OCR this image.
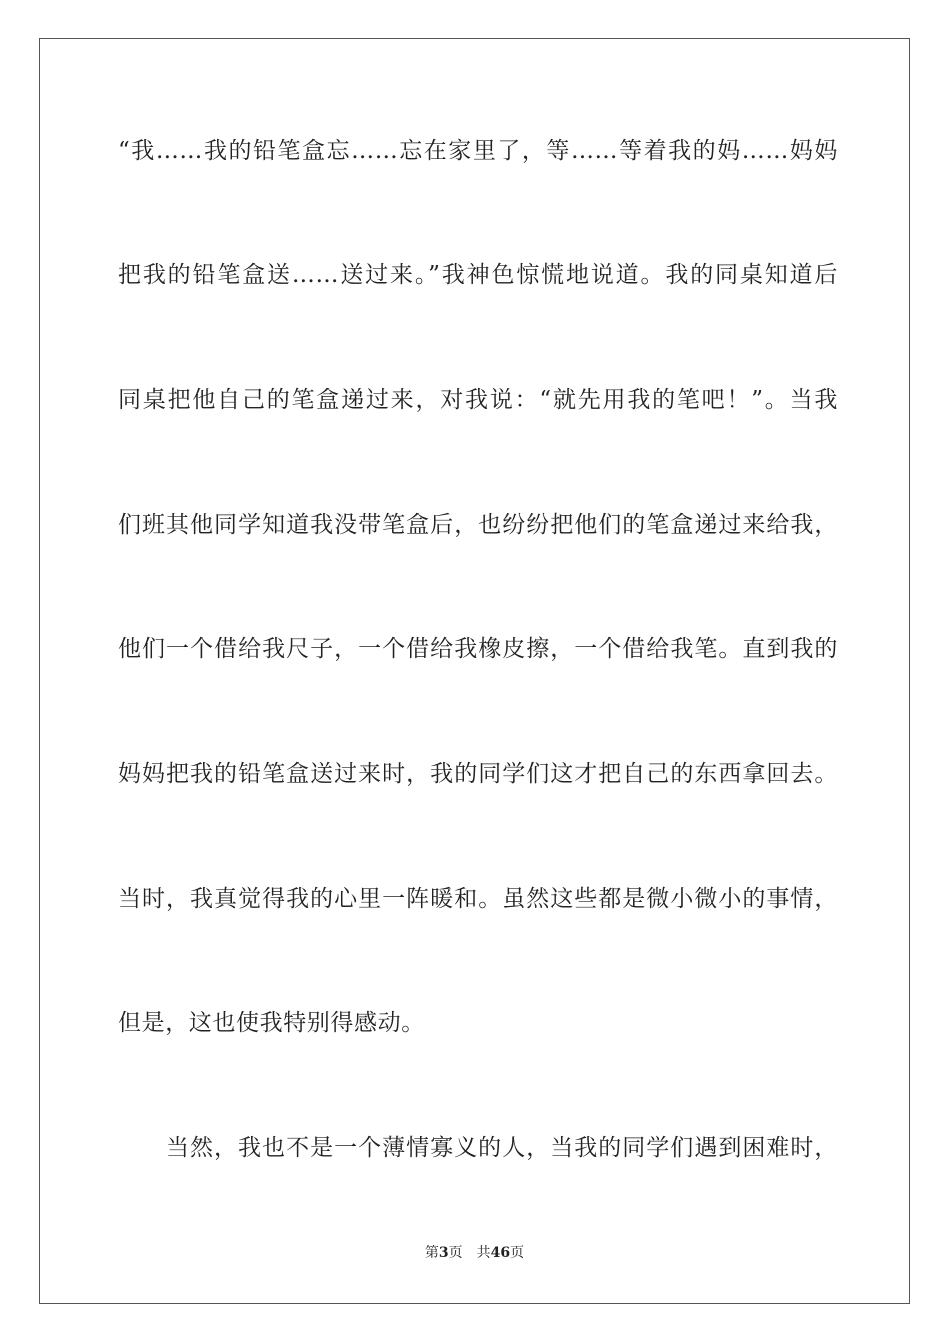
“我……我的铅笔盒忘……忘在家里了，等……等着我的妈……妈妈
把我的铅笔盒送……送过来。”我神色惊慌地说道。我的同桌知道后
同桌把他自己的笔盒递过来，对我说：“就先用我的笔吧！”。当我
们班其他同学知道我没带笔盒后，也纷纷把他们的笔盒递过来给我，
他们一个借给我尺子，一个借给我橡皮擦，一个借给我笔。直到我的
妈妈把我的铅笔盒送过来时，我的同学们这才把自己的东西拿回去。
当时，我真觉得我的心里一阵暖和。虽然这些都是微小微小的事情，
但是，这也使我特别得感动。
当然，我也不是一个薄情寡义的人，当我的同学们遇到困难时，
第3页 共46页
